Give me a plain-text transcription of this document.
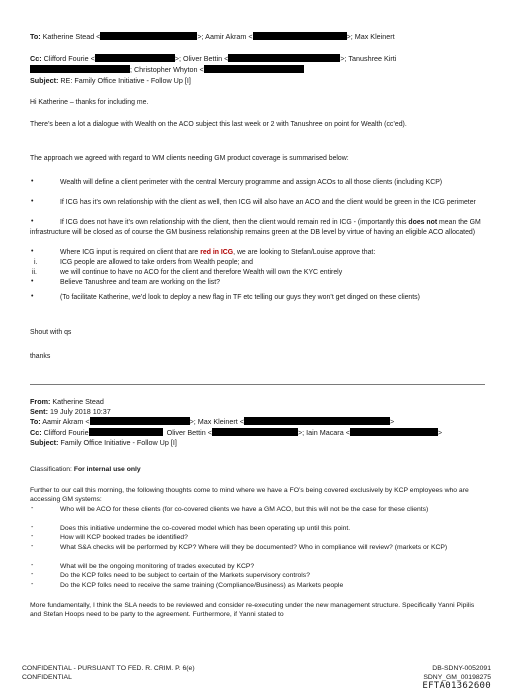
To: Katherine Stead <	>; Aamir Akram <	>; Max Kleinert
Cc: Clifford Fourie <	>; Oliver Bettin <	>; Tanushree Kirti
; Christopher Whyton <
Subject: RE: Family Office Initiative - Follow Up [I]
Hi Katherine – thanks for including me.
There’s been a lot a dialogue with Wealth on the ACO subject this last week or 2 with Tanushree on point for Wealth (cc’ed).
The approach we agreed with regard to WM clients needing GM product coverage is summarised below:
•	Wealth will define a client perimeter with the central Mercury programme and assign ACOs to all those clients (including KCP)
•	If ICG has it’s own relationship with the client as well, then ICG will also have an ACO and the client would be green in the ICG perimeter
•	If ICG does not have it’s own relationship with the client, then the client would remain red in ICG - (importantly this does not mean the GM infrastructure will be closed as of course the GM business relationship remains green at the DB level by virtue of having an eligible ACO allocated)
•	Where ICG input is required on client that are red in ICG, we are looking to Stefan/Louise approve that:
i.	ICG people are allowed to take orders from Wealth people; and
ii.	we will continue to have no ACO for the client and therefore Wealth will own the KYC entirely
•	Believe Tanushree and team are working on the list?
•	(To facilitate Katherine, we’d look to deploy a new flag in TF etc telling our guys they won’t get dinged on these clients)
Shout with qs
thanks
From: Katherine Stead
Sent: 19 July 2018 10:37
To: Aamir Akram <	>; Max Kleinert <	>
Cc: Clifford Fourie	Oliver Bettin <	>; Iain Macara <	>
Subject: Family Office Initiative - Follow Up [I]
Classification: For internal use only
Further to our call this morning, the following thoughts come to mind where we have a FO’s being covered exclusively by KCP employees who are accessing GM systems:
-	Who will be ACO for these clients (for co-covered clients we have a GM ACO, but this will not be the case for these clients)
-	Does this initiative undermine the co-covered model which has been operating up until this point.
-	How will KCP booked trades be identified?
-	What S&A checks will be performed by KCP? Where will they be documented? Who in compliance will review? (markets or KCP)
-	What will be the ongoing monitoring of trades executed by KCP?
-	Do the KCP folks need to be subject to certain of the Markets supervisory controls?
-	Do the KCP folks need to receive the same training (Compliance/Business) as Markets people
More fundamentally, I think the SLA needs to be reviewed and consider re-executing under the new management structure. Specifically Yanni Pipilis and Stefan Hoops need to be party to the agreement. Furthermore, if Yanni stated to
CONFIDENTIAL - PURSUANT TO FED. R. CRIM. P. 6(e)
CONFIDENTIAL
DB-SDNY-0052091
SDNY_GM_00198275
EFTA01362600
